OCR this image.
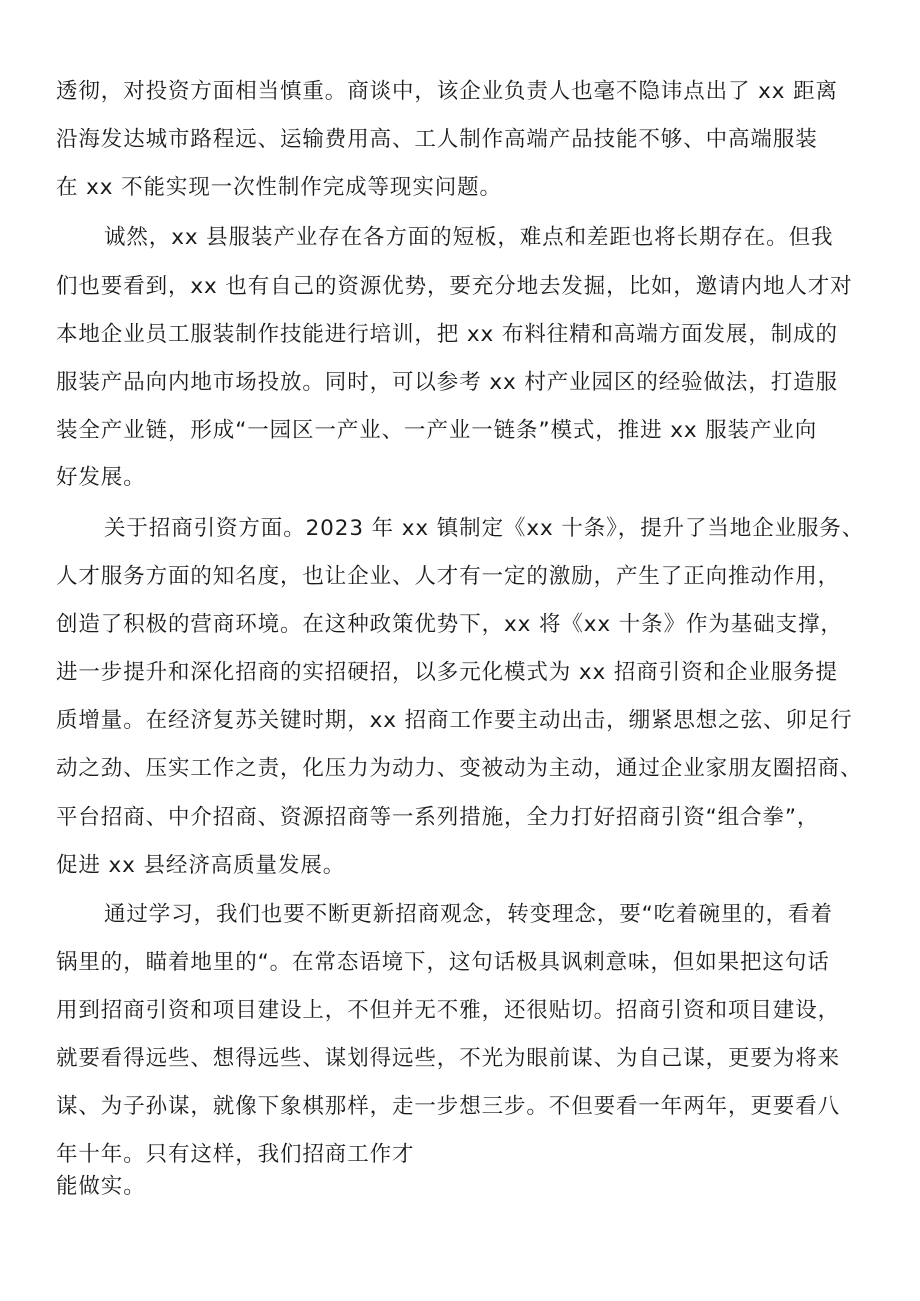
透彻，对投资方面相当慎重。商谈中，该企业负责人也毫不隐讳点出了 xx 距离
沿海发达城市路程远、运输费用高、工人制作高端产品技能不够、中高端服装
在 xx 不能实现一次性制作完成等现实问题。
诚然，xx 县服装产业存在各方面的短板，难点和差距也将长期存在。但我
们也要看到，xx 也有自己的资源优势，要充分地去发掘，比如，邀请内地人才对
本地企业员工服装制作技能进行培训，把 xx 布料往精和高端方面发展，制成的
服装产品向内地市场投放。同时，可以参考 xx 村产业园区的经验做法，打造服
装全产业链，形成“一园区一产业、一产业一链条”模式，推进 xx 服装产业向
好发展。
关于招商引资方面。2023 年 xx 镇制定《xx 十条》，提升了当地企业服务、
人才服务方面的知名度，也让企业、人才有一定的激励，产生了正向推动作用，
创造了积极的营商环境。在这种政策优势下，xx 将《xx 十条》作为基础支撑，
进一步提升和深化招商的实招硬招，以多元化模式为 xx 招商引资和企业服务提
质增量。在经济复苏关键时期，xx 招商工作要主动出击，绷紧思想之弦、卯足行
动之劲、压实工作之责，化压力为动力、变被动为主动，通过企业家朋友圈招商、
平台招商、中介招商、资源招商等一系列措施，全力打好招商引资“组合拳”，
促进 xx 县经济高质量发展。
通过学习，我们也要不断更新招商观念，转变理念，要“吃着碗里的，看着
锅里的，瞄着地里的“。在常态语境下，这句话极具讽刺意味，但如果把这句话
用到招商引资和项目建设上，不但并无不雅，还很贴切。招商引资和项目建设，
就要看得远些、想得远些、谋划得远些，不光为眼前谋、为自己谋，更要为将来
谋、为子孙谋，就像下象棋那样，走一步想三步。不但要看一年两年，更要看八
年十年。只有这样，我们招商工作才
能做实。
